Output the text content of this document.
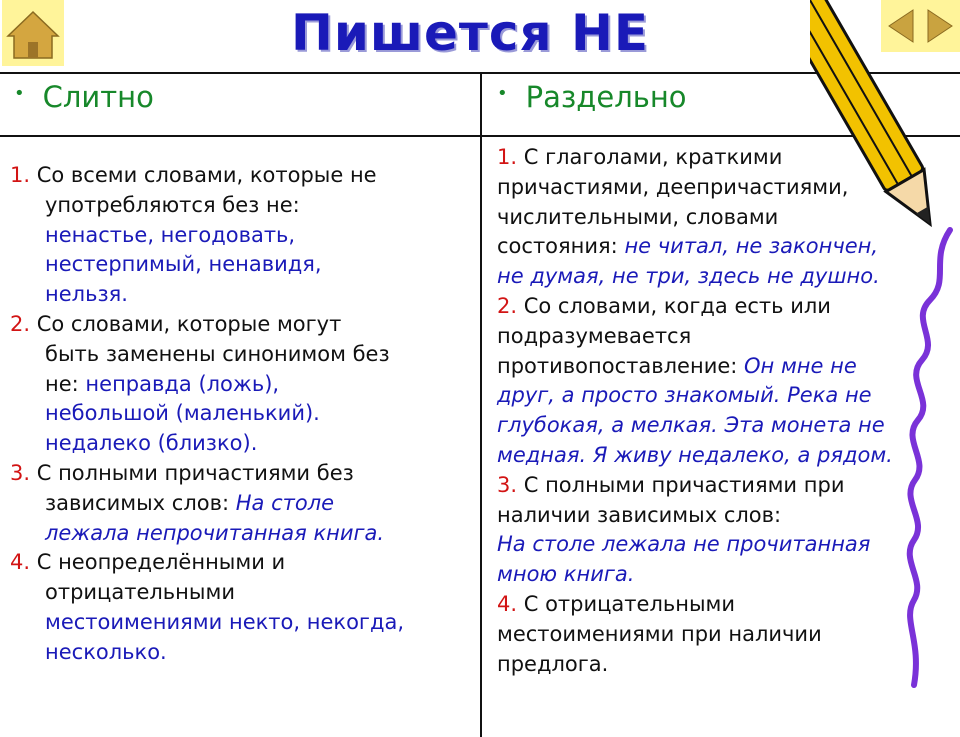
Пишется НЕ
• Слитно	• Раздельно
1. Со всеми словами, которые не
употребляются без не:
ненастье, негодовать,
нестерпимый, ненавидя,
нельзя.
2. Со словами, которые могут
быть заменены синонимом без
не: неправда (ложь),
небольшой (маленький).
недалеко (близко).
3. С полными причастиями без
зависимых слов: На столе
лежала непрочитанная книга.
4. С неопределёнными и
отрицательными
местоимениями некто, некогда,
несколько.
1. С глаголами, краткими
причастиями, деепричастиями,
числительными, словами
состояния: не читал, не закончен,
не думая, не три, здесь не душно.
2. Со словами, когда есть или
подразумевается
противопоставление: Он мне не
друг, а просто знакомый. Река не
глубокая, а мелкая. Эта монета не
медная. Я живу недалеко, а рядом.
3. С полными причастиями при
наличии зависимых слов:
На столе лежала не прочитанная
мною книга.
4. С отрицательными
местоимениями при наличии
предлога.
